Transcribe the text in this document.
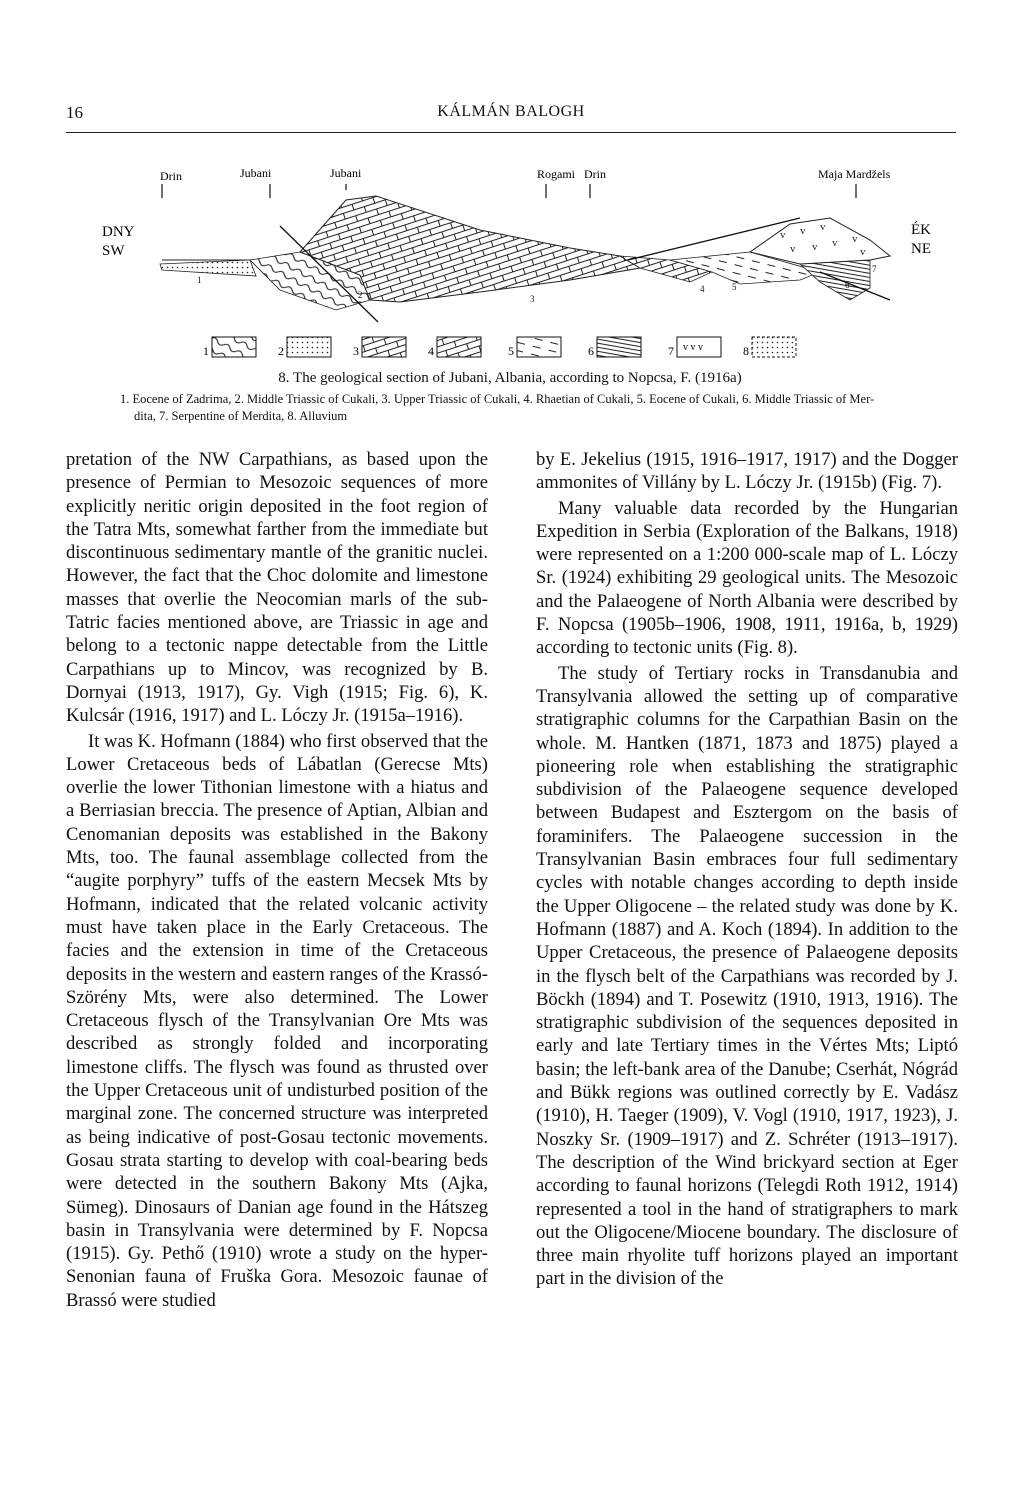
16	KÁLMÁN BALOGH
Drin	Jubani	Jubani	Rogami Drin	Maja Mardžels
DNY
SW
ÉK
NE
v v v
v v v v
v
1
2	3
4	5	6
7
1	2	3	4	5	6	7 v v v	8
8. The geological section of Jubani, Albania, according to Nopcsa, F. (1916a)
1. Eocene of Zadrima, 2. Middle Triassic of Cukali, 3. Upper Triassic of Cukali, 4. Rhaetian of Cukali, 5. Eocene of Cukali, 6. Middle Triassic of Mer-
dita, 7. Serpentine of Merdita, 8. Alluvium

pretation of the NW Carpathians, as based upon the presence of Permian to Mesozoic sequences of more explicitly neritic origin deposited in the foot region of the Tatra Mts, somewhat farther from the immediate but discontinuous sedimentary mantle of the granitic nuclei. However, the fact that the Choc dolomite and limestone masses that overlie the Neocomian marls of the sub-Tatric facies mentioned above, are Triassic in age and belong to a tectonic nappe detectable from the Little Carpathians up to Mincov, was recognized by B. Dornyai (1913, 1917), Gy. Vigh (1915; Fig. 6), K. Kulcsár (1916, 1917) and L. Lóczy Jr. (1915a–1916).

It was K. Hofmann (1884) who first observed that the Lower Cretaceous beds of Lábatlan (Gerecse Mts) overlie the lower Tithonian limestone with a hiatus and a Berriasian breccia. The presence of Aptian, Albian and Cenomanian deposits was established in the Bakony Mts, too. The faunal assemblage collected from the “augite porphyry” tuffs of the eastern Mecsek Mts by Hofmann, indicated that the related volcanic activity must have taken place in the Early Cretaceous. The facies and the extension in time of the Cretaceous deposits in the western and eastern ranges of the Krassó-Szörény Mts, were also determined. The Lower Cretaceous flysch of the Transylvanian Ore Mts was described as strongly folded and incorporating limestone cliffs. The flysch was found as thrusted over the Upper Cretaceous unit of undisturbed position of the marginal zone. The concerned structure was interpreted as being indicative of post-Gosau tectonic movements. Gosau strata starting to develop with coal-bearing beds were detected in the southern Bakony Mts (Ajka, Sümeg). Dinosaurs of Danian age found in the Hátszeg basin in Transylvania were determined by F. Nopcsa (1915). Gy. Pethő (1910) wrote a study on the hyper-Senonian fauna of Fruška Gora. Mesozoic faunae of Brassó were studied

by E. Jekelius (1915, 1916–1917, 1917) and the Dogger ammonites of Villány by L. Lóczy Jr. (1915b) (Fig. 7).

Many valuable data recorded by the Hungarian Expedition in Serbia (Exploration of the Balkans, 1918) were represented on a 1:200 000-scale map of L. Lóczy Sr. (1924) exhibiting 29 geological units. The Mesozoic and the Palaeogene of North Albania were described by F. Nopcsa (1905b–1906, 1908, 1911, 1916a, b, 1929) according to tectonic units (Fig. 8).

The study of Tertiary rocks in Transdanubia and Transylvania allowed the setting up of comparative stratigraphic columns for the Carpathian Basin on the whole. M. Hantken (1871, 1873 and 1875) played a pioneering role when establishing the stratigraphic subdivision of the Palaeogene sequence developed between Budapest and Esztergom on the basis of foraminifers. The Palaeogene succession in the Transylvanian Basin embraces four full sedimentary cycles with notable changes according to depth inside the Upper Oligocene – the related study was done by K. Hofmann (1887) and A. Koch (1894). In addition to the Upper Cretaceous, the presence of Palaeogene deposits in the flysch belt of the Carpathians was recorded by J. Böckh (1894) and T. Posewitz (1910, 1913, 1916). The stratigraphic subdivision of the sequences deposited in early and late Tertiary times in the Vértes Mts; Liptó basin; the left-bank area of the Danube; Cserhát, Nógrád and Bükk regions was outlined correctly by E. Vadász (1910), H. Taeger (1909), V. Vogl (1910, 1917, 1923), J. Noszky Sr. (1909–1917) and Z. Schréter (1913–1917). The description of the Wind brickyard section at Eger according to faunal horizons (Telegdi Roth 1912, 1914) represented a tool in the hand of stratigraphers to mark out the Oligocene/Miocene boundary. The disclosure of three main rhyolite tuff horizons played an important part in the division of the
